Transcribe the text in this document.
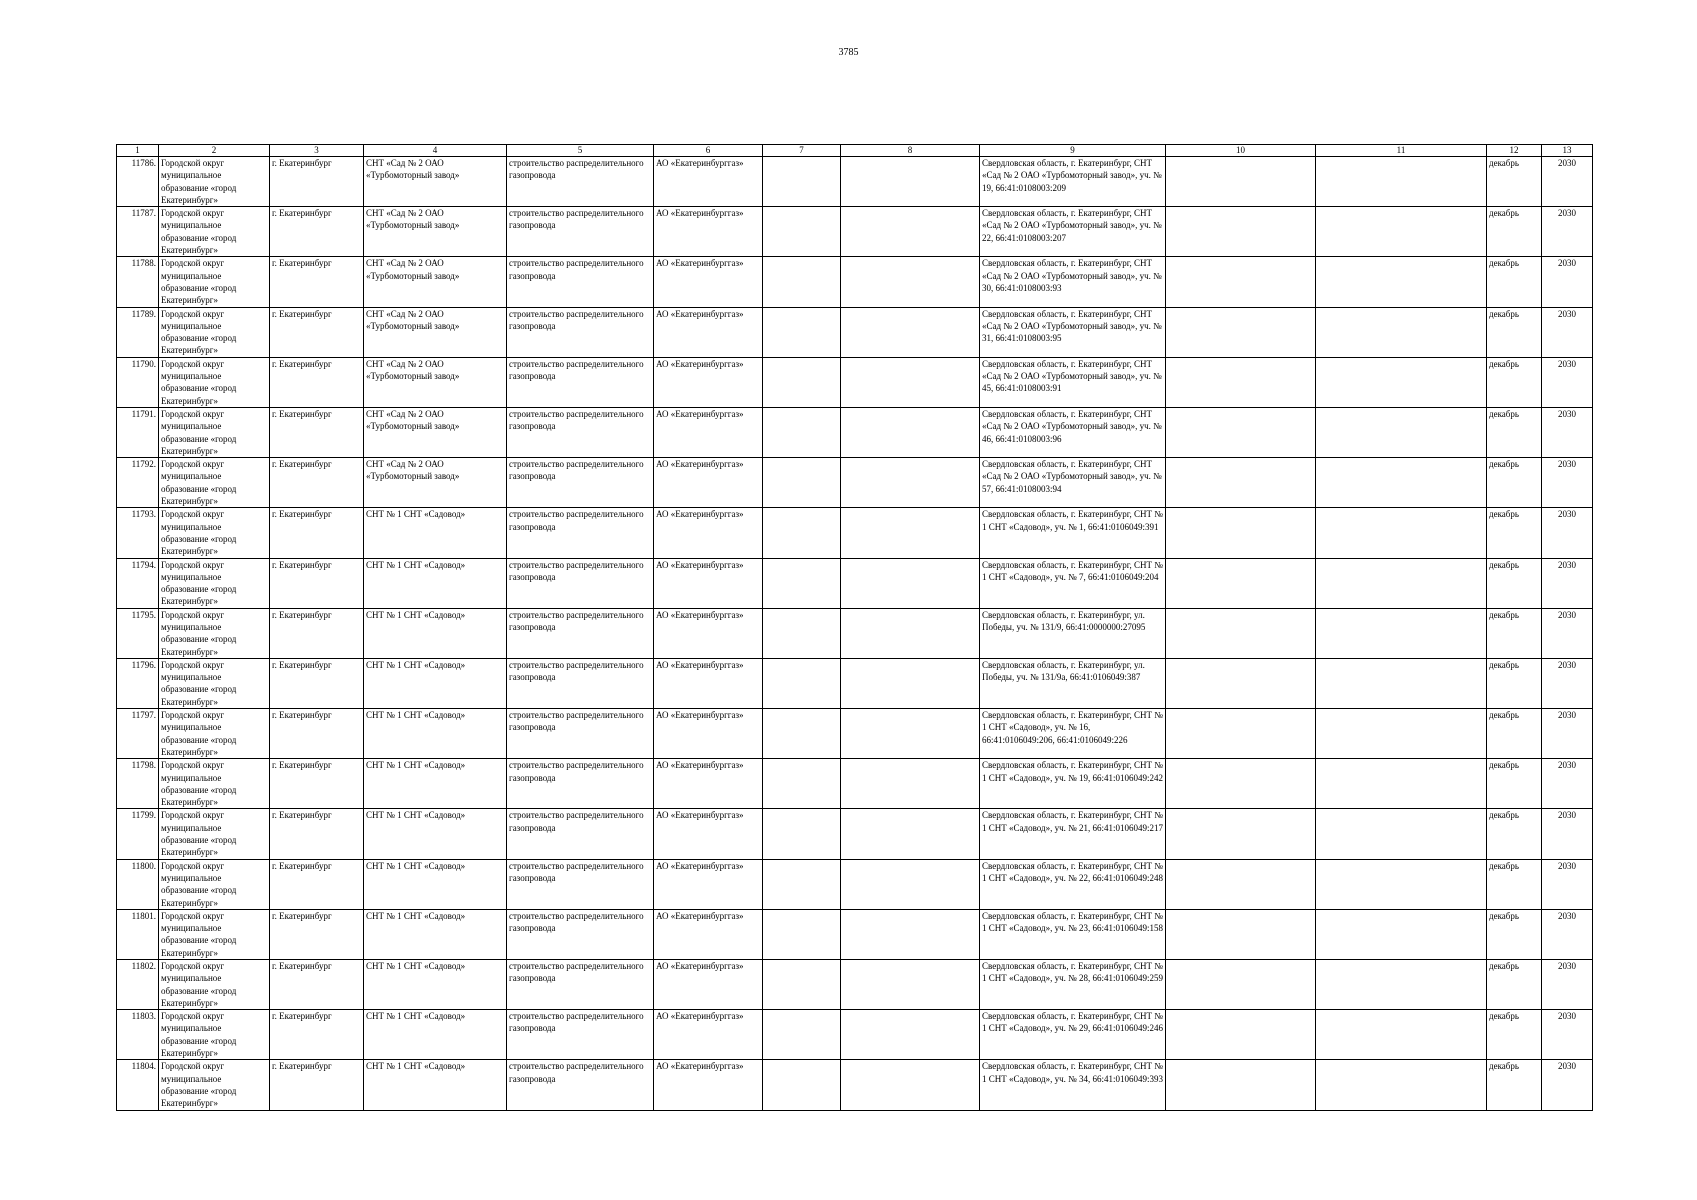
3785
1	2	3	4	5	6	7	8	9	10	11	12	13
11786.	Городской округ муниципальное образование «город Екатеринбург»	г. Екатеринбург	СНТ «Сад № 2 ОАО «Турбомоторный завод»	строительство распределительного газопровода	АО «Екатеринбурггаз»			Свердловская область, г. Екатеринбург, СНТ «Сад № 2 ОАО «Турбомоторный завод», уч. № 19, 66:41:0108003:209			декабрь	2030
11787.	Городской округ муниципальное образование «город Екатеринбург»	г. Екатеринбург	СНТ «Сад № 2 ОАО «Турбомоторный завод»	строительство распределительного газопровода	АО «Екатеринбурггаз»			Свердловская область, г. Екатеринбург, СНТ «Сад № 2 ОАО «Турбомоторный завод», уч. № 22, 66:41:0108003:207			декабрь	2030
11788.	Городской округ муниципальное образование «город Екатеринбург»	г. Екатеринбург	СНТ «Сад № 2 ОАО «Турбомоторный завод»	строительство распределительного газопровода	АО «Екатеринбурггаз»			Свердловская область, г. Екатеринбург, СНТ «Сад № 2 ОАО «Турбомоторный завод», уч. № 30, 66:41:0108003:93			декабрь	2030
11789.	Городской округ муниципальное образование «город Екатеринбург»	г. Екатеринбург	СНТ «Сад № 2 ОАО «Турбомоторный завод»	строительство распределительного газопровода	АО «Екатеринбурггаз»			Свердловская область, г. Екатеринбург, СНТ «Сад № 2 ОАО «Турбомоторный завод», уч. № 31, 66:41:0108003:95			декабрь	2030
11790.	Городской округ муниципальное образование «город Екатеринбург»	г. Екатеринбург	СНТ «Сад № 2 ОАО «Турбомоторный завод»	строительство распределительного газопровода	АО «Екатеринбурггаз»			Свердловская область, г. Екатеринбург, СНТ «Сад № 2 ОАО «Турбомоторный завод», уч. № 45, 66:41:0108003:91			декабрь	2030
11791.	Городской округ муниципальное образование «город Екатеринбург»	г. Екатеринбург	СНТ «Сад № 2 ОАО «Турбомоторный завод»	строительство распределительного газопровода	АО «Екатеринбурггаз»			Свердловская область, г. Екатеринбург, СНТ «Сад № 2 ОАО «Турбомоторный завод», уч. № 46, 66:41:0108003:96			декабрь	2030
11792.	Городской округ муниципальное образование «город Екатеринбург»	г. Екатеринбург	СНТ «Сад № 2 ОАО «Турбомоторный завод»	строительство распределительного газопровода	АО «Екатеринбурггаз»			Свердловская область, г. Екатеринбург, СНТ «Сад № 2 ОАО «Турбомоторный завод», уч. № 57, 66:41:0108003:94			декабрь	2030
11793.	Городской округ муниципальное образование «город Екатеринбург»	г. Екатеринбург	СНТ № 1 СНТ «Садовод»	строительство распределительного газопровода	АО «Екатеринбурггаз»			Свердловская область, г. Екатеринбург, СНТ № 1 СНТ «Садовод», уч. № 1, 66:41:0106049:391			декабрь	2030
11794.	Городской округ муниципальное образование «город Екатеринбург»	г. Екатеринбург	СНТ № 1 СНТ «Садовод»	строительство распределительного газопровода	АО «Екатеринбурггаз»			Свердловская область, г. Екатеринбург, СНТ № 1 СНТ «Садовод», уч. № 7, 66:41:0106049:204			декабрь	2030
11795.	Городской округ муниципальное образование «город Екатеринбург»	г. Екатеринбург	СНТ № 1 СНТ «Садовод»	строительство распределительного газопровода	АО «Екатеринбурггаз»			Свердловская область, г. Екатеринбург, ул. Победы, уч. № 131/9, 66:41:0000000:27095			декабрь	2030
11796.	Городской округ муниципальное образование «город Екатеринбург»	г. Екатеринбург	СНТ № 1 СНТ «Садовод»	строительство распределительного газопровода	АО «Екатеринбурггаз»			Свердловская область, г. Екатеринбург, ул. Победы, уч. № 131/9а, 66:41:0106049:387			декабрь	2030
11797.	Городской округ муниципальное образование «город Екатеринбург»	г. Екатеринбург	СНТ № 1 СНТ «Садовод»	строительство распределительного газопровода	АО «Екатеринбурггаз»			Свердловская область, г. Екатеринбург, СНТ № 1 СНТ «Садовод», уч. № 16, 66:41:0106049:206, 66:41:0106049:226			декабрь	2030
11798.	Городской округ муниципальное образование «город Екатеринбург»	г. Екатеринбург	СНТ № 1 СНТ «Садовод»	строительство распределительного газопровода	АО «Екатеринбурггаз»			Свердловская область, г. Екатеринбург, СНТ № 1 СНТ «Садовод», уч. № 19, 66:41:0106049:242			декабрь	2030
11799.	Городской округ муниципальное образование «город Екатеринбург»	г. Екатеринбург	СНТ № 1 СНТ «Садовод»	строительство распределительного газопровода	АО «Екатеринбурггаз»			Свердловская область, г. Екатеринбург, СНТ № 1 СНТ «Садовод», уч. № 21, 66:41:0106049:217			декабрь	2030
11800.	Городской округ муниципальное образование «город Екатеринбург»	г. Екатеринбург	СНТ № 1 СНТ «Садовод»	строительство распределительного газопровода	АО «Екатеринбурггаз»			Свердловская область, г. Екатеринбург, СНТ № 1 СНТ «Садовод», уч. № 22, 66:41:0106049:248			декабрь	2030
11801.	Городской округ муниципальное образование «город Екатеринбург»	г. Екатеринбург	СНТ № 1 СНТ «Садовод»	строительство распределительного газопровода	АО «Екатеринбурггаз»			Свердловская область, г. Екатеринбург, СНТ № 1 СНТ «Садовод», уч. № 23, 66:41:0106049:158			декабрь	2030
11802.	Городской округ муниципальное образование «город Екатеринбург»	г. Екатеринбург	СНТ № 1 СНТ «Садовод»	строительство распределительного газопровода	АО «Екатеринбурггаз»			Свердловская область, г. Екатеринбург, СНТ № 1 СНТ «Садовод», уч. № 28, 66:41:0106049:259			декабрь	2030
11803.	Городской округ муниципальное образование «город Екатеринбург»	г. Екатеринбург	СНТ № 1 СНТ «Садовод»	строительство распределительного газопровода	АО «Екатеринбурггаз»			Свердловская область, г. Екатеринбург, СНТ № 1 СНТ «Садовод», уч. № 29, 66:41:0106049:246			декабрь	2030
11804.	Городской округ муниципальное образование «город Екатеринбург»	г. Екатеринбург	СНТ № 1 СНТ «Садовод»	строительство распределительного газопровода	АО «Екатеринбурггаз»			Свердловская область, г. Екатеринбург, СНТ № 1 СНТ «Садовод», уч. № 34, 66:41:0106049:393			декабрь	2030
